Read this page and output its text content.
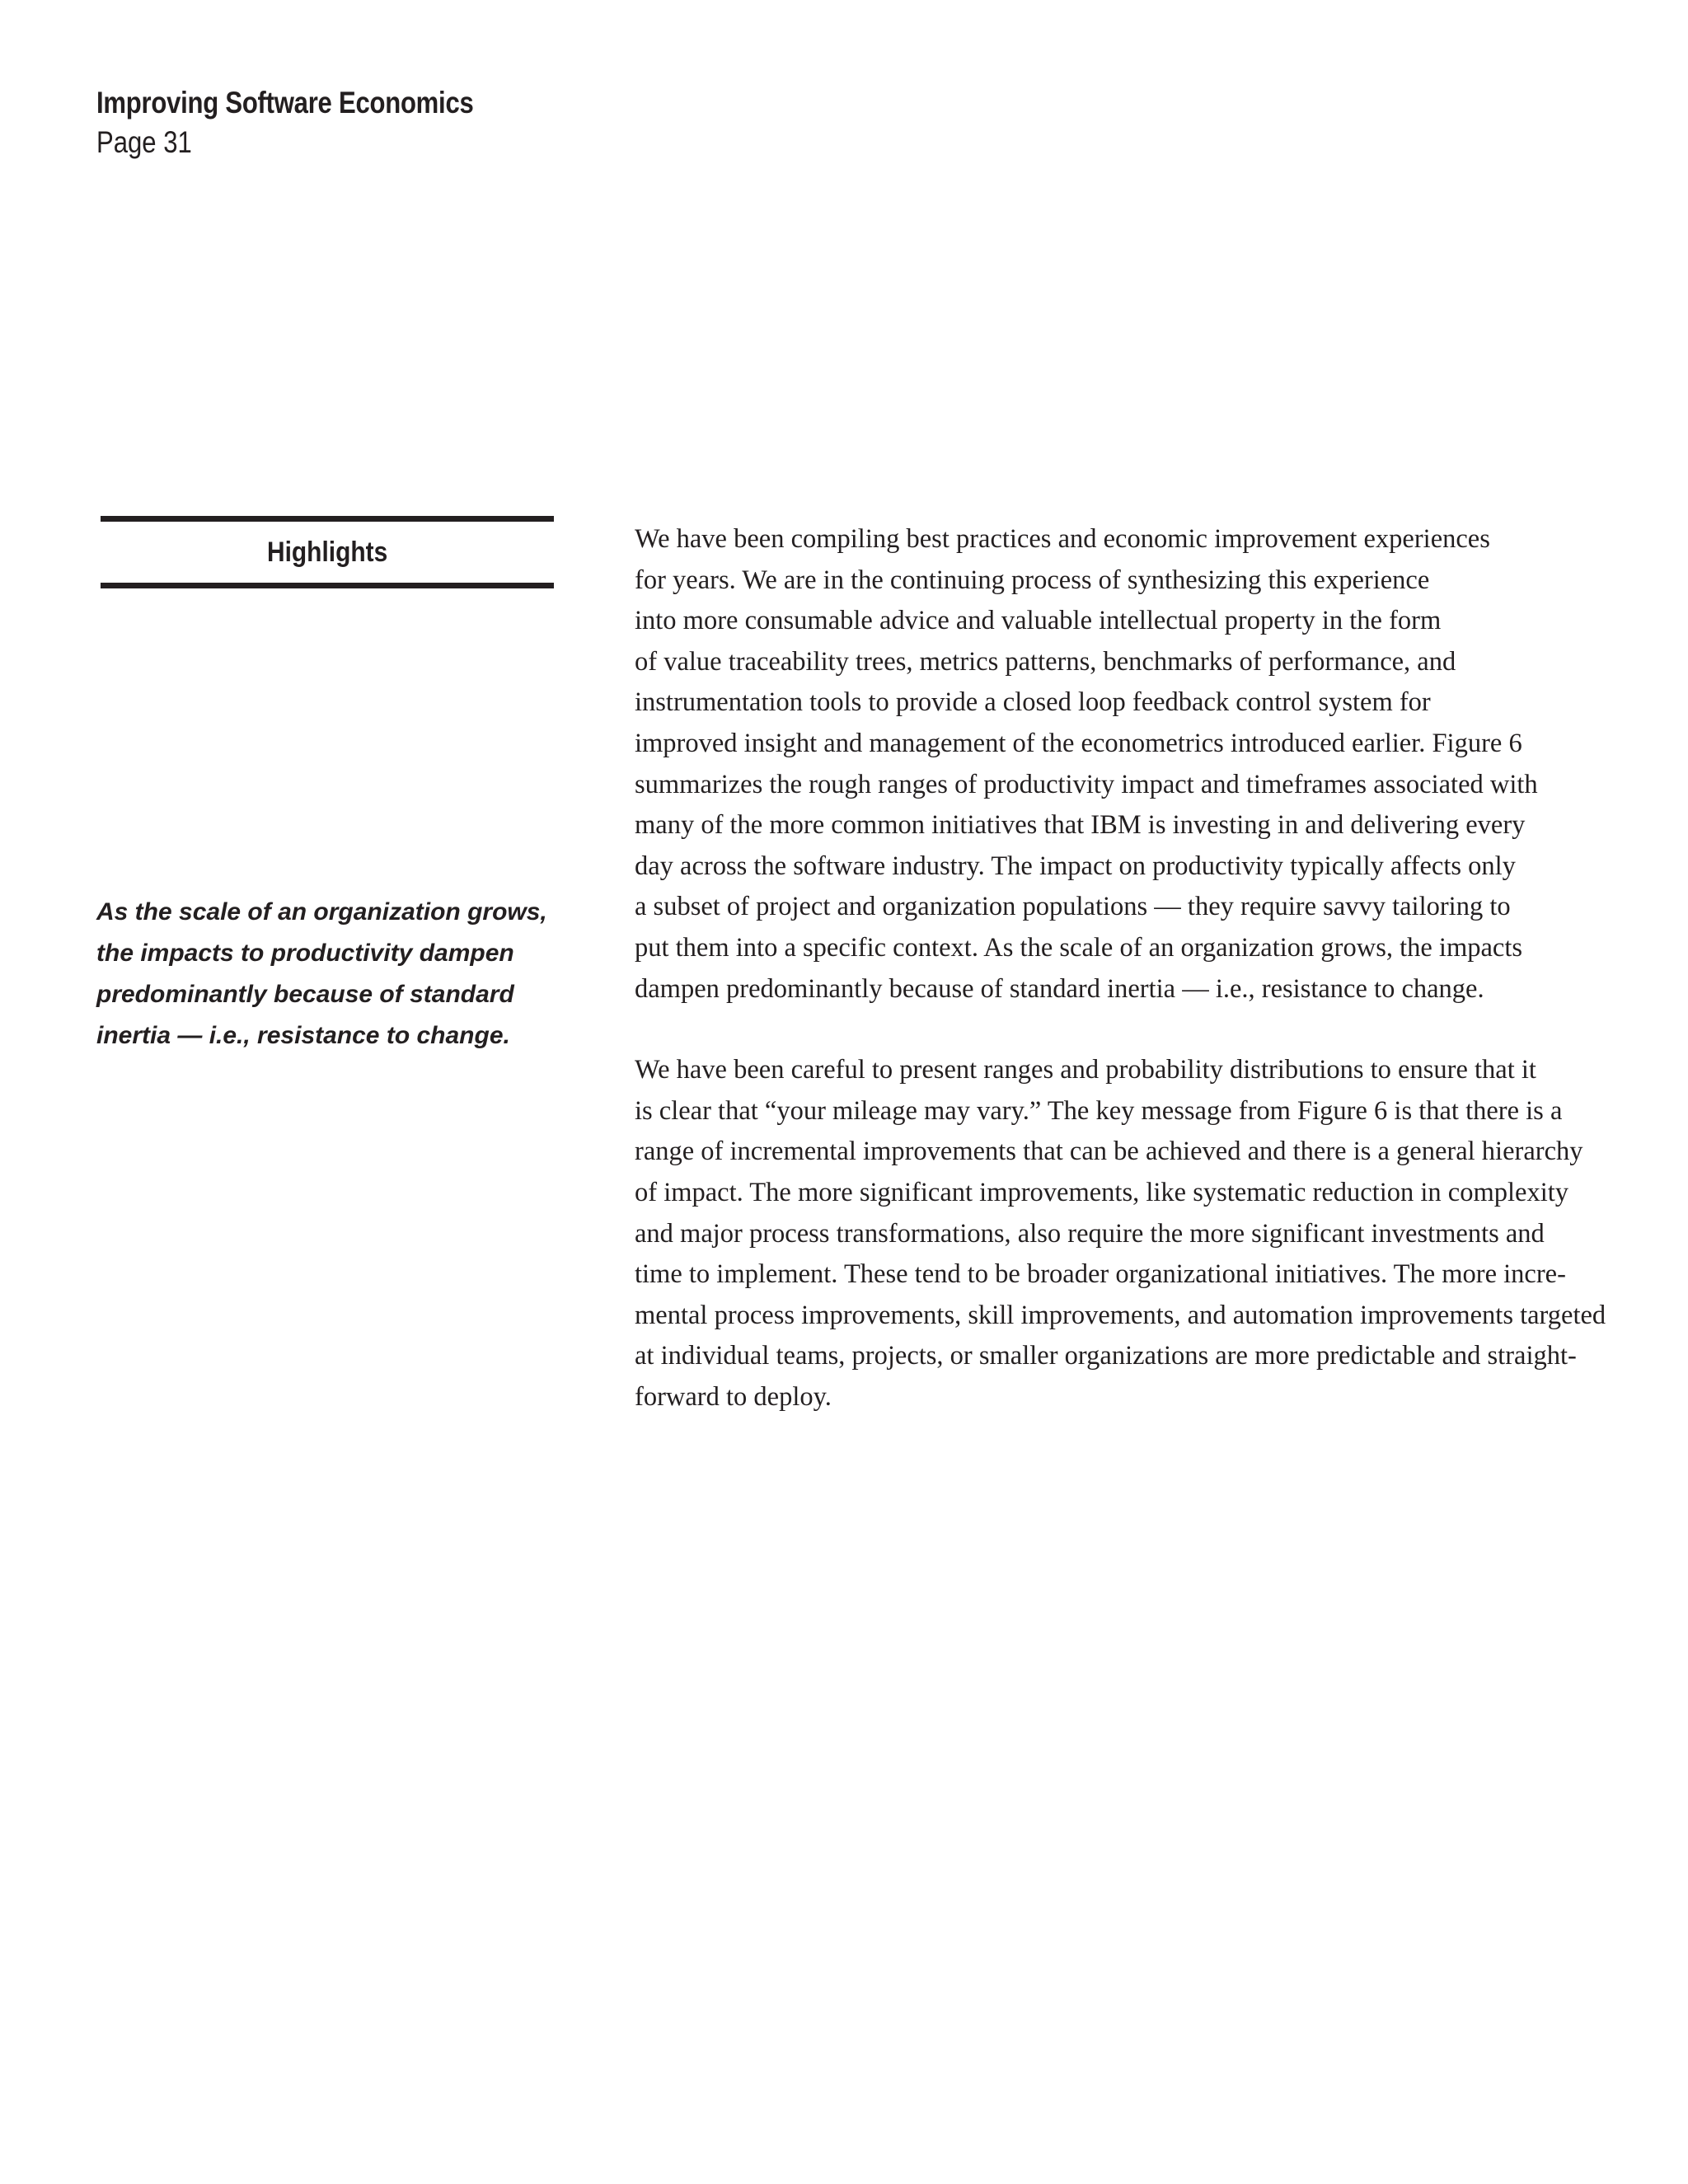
Improving Software Economics
Page 31
Highlights
As the scale of an organization grows,
the impacts to productivity dampen
predominantly because of standard
inertia — i.e., resistance to change.

We have been compiling best practices and economic improvement experiences
for years. We are in the continuing process of synthesizing this experience
into more consumable advice and valuable intellectual property in the form
of value traceability trees, metrics patterns, benchmarks of performance, and
instrumentation tools to provide a closed loop feedback control system for
improved insight and management of the econometrics introduced earlier. Figure 6
summarizes the rough ranges of productivity impact and timeframes associated with
many of the more common initiatives that IBM is investing in and delivering every
day across the software industry. The impact on productivity typically affects only
a subset of project and organization populations — they require savvy tailoring to
put them into a specific context. As the scale of an organization grows, the impacts
dampen predominantly because of standard inertia — i.e., resistance to change.

We have been careful to present ranges and probability distributions to ensure that it
is clear that “your mileage may vary.” The key message from Figure 6 is that there is a
range of incremental improvements that can be achieved and there is a general hierarchy
of impact. The more significant improvements, like systematic reduction in complexity
and major process transformations, also require the more significant investments and
time to implement. These tend to be broader organizational initiatives. The more incre-
mental process improvements, skill improvements, and automation improvements targeted
at individual teams, projects, or smaller organizations are more predictable and straight-
forward to deploy.
